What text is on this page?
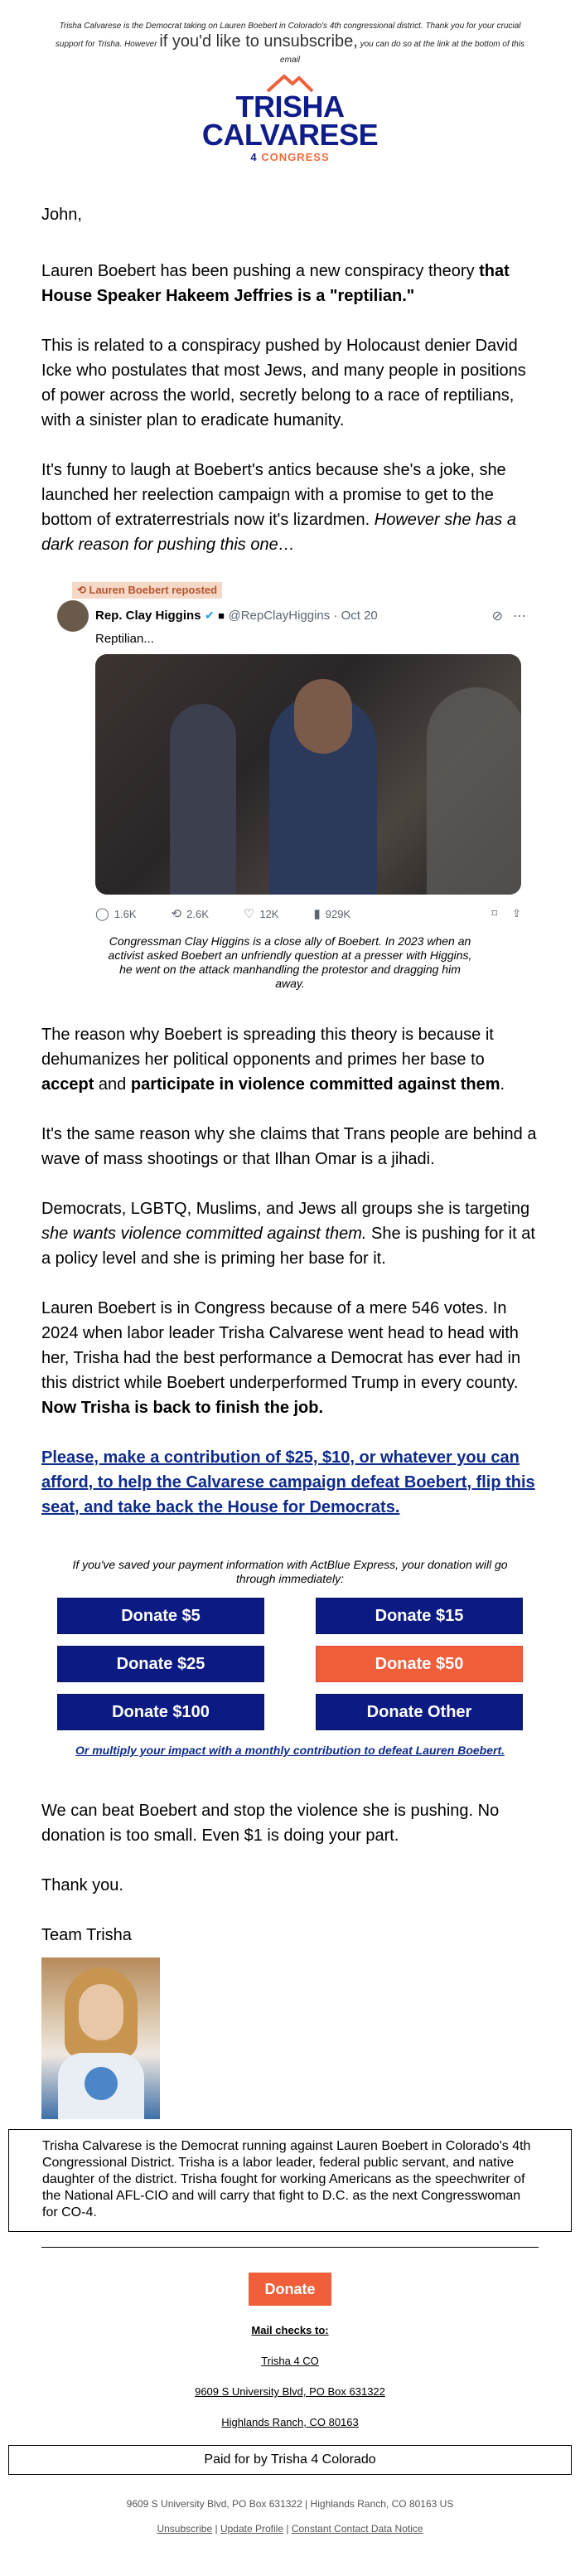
Trisha Calvarese is the Democrat taking on Lauren Boebert in Colorado's 4th congressional district. Thank you for your crucial support for Trisha. However if you'd like to unsubscribe, you can do so at the link at the bottom of this email
TRISHA
CALVARESE
4 CONGRESS

John,

Lauren Boebert has been pushing a new conspiracy theory that House Speaker Hakeem Jeffries is a "reptilian."

This is related to a conspiracy pushed by Holocaust denier David Icke who postulates that most Jews, and many people in positions of power across the world, secretly belong to a race of reptilians, with a sinister plan to eradicate humanity.

It's funny to laugh at Boebert's antics because she's a joke, she launched her reelection campaign with a promise to get to the bottom of extraterrestrials now it's lizardmen. However she has a dark reason for pushing this one…

⟲ Lauren Boebert reposted
Rep. Clay Higgins ✔ ■ @RepClayHiggins · Oct 20	⊘ ⋯
Reptilian...
◯ 1.6K	⟲ 2.6K	♡ 12K	▮ 929K	⌑ ⇪
Congressman Clay Higgins is a close ally of Boebert. In 2023 when an activist asked Boebert an unfriendly question at a presser with Higgins, he went on the attack manhandling the protestor and dragging him away.

The reason why Boebert is spreading this theory is because it dehumanizes her political opponents and primes her base to accept and participate in violence committed against them.

It's the same reason why she claims that Trans people are behind a wave of mass shootings or that Ilhan Omar is a jihadi.

Democrats, LGBTQ, Muslims, and Jews all groups she is targeting she wants violence committed against them. She is pushing for it at a policy level and she is priming her base for it.

Lauren Boebert is in Congress because of a mere 546 votes. In 2024 when labor leader Trisha Calvarese went head to head with her, Trisha had the best performance a Democrat has ever had in this district while Boebert underperformed Trump in every county. Now Trisha is back to finish the job.

Please, make a contribution of $25, $10, or whatever you can afford, to help the Calvarese campaign defeat Boebert, flip this seat, and take back the House for Democrats.

If you've saved your payment information with ActBlue Express, your donation will go through immediately:
Donate $5	Donate $15
Donate $25	Donate $50
Donate $100	Donate Other
Or multiply your impact with a monthly contribution to defeat Lauren Boebert.

We can beat Boebert and stop the violence she is pushing. No donation is too small. Even $1 is doing your part.

Thank you.

Team Trisha

Trisha Calvarese is the Democrat running against Lauren Boebert in Colorado's 4th Congressional District. Trisha is a labor leader, federal public servant, and native daughter of the district. Trisha fought for working Americans as the speechwriter of the National AFL-CIO and will carry that fight to D.C. as the next Congresswoman for CO-4.
Donate
Mail checks to:
Trisha 4 CO
9609 S University Blvd, PO Box 631322
Highlands Ranch, CO 80163
Paid for by Trisha 4 Colorado
9609 S University Blvd, PO Box 631322 | Highlands Ranch, CO 80163 US
Unsubscribe | Update Profile | Constant Contact Data Notice
